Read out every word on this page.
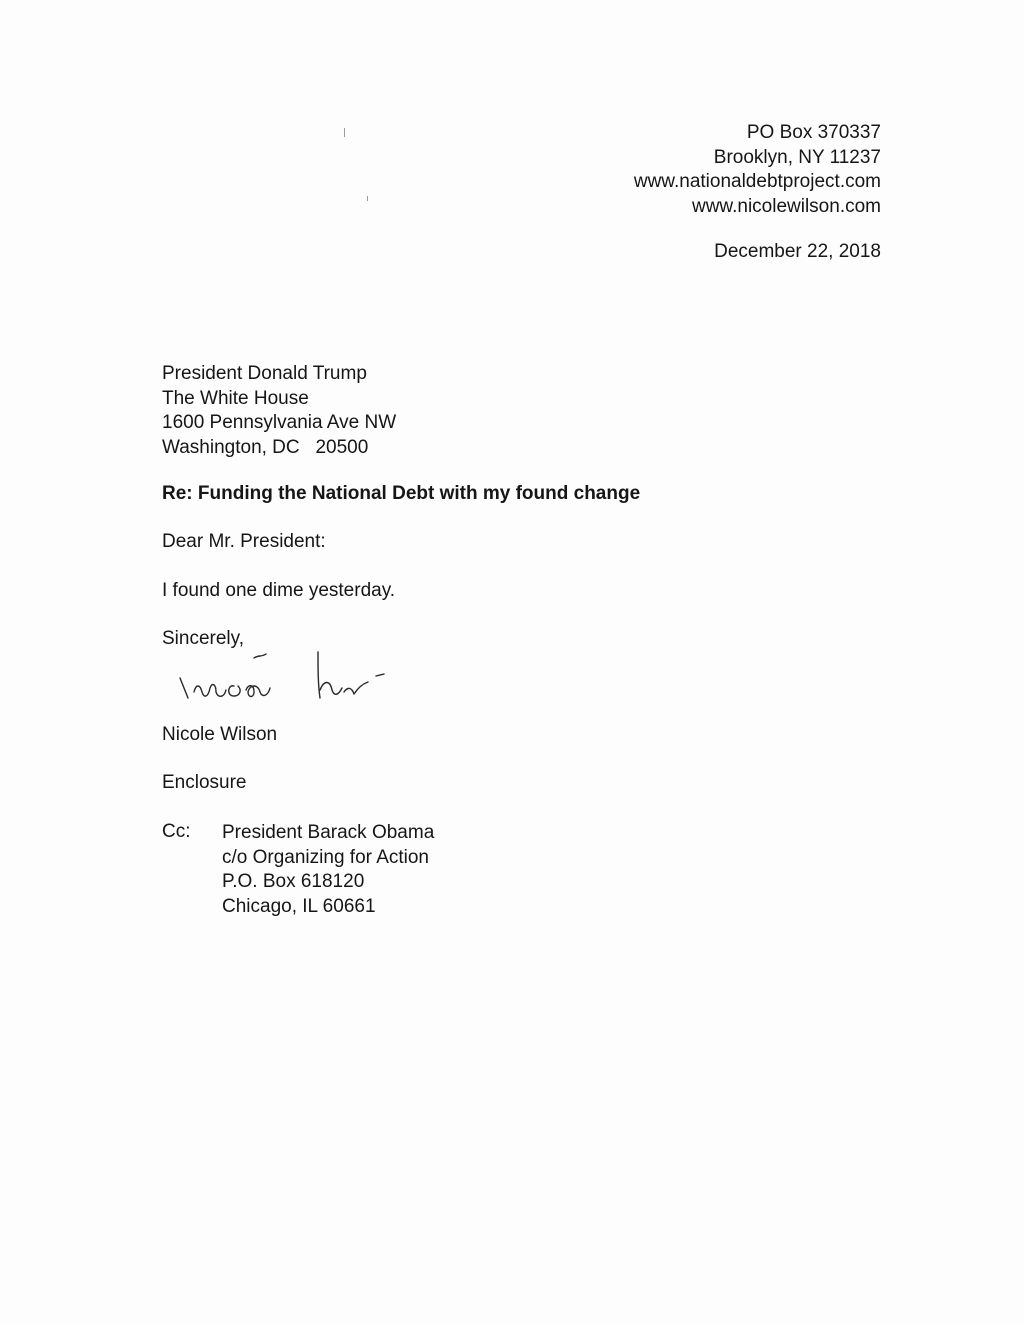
PO Box 370337
Brooklyn, NY 11237
www.nationaldebtproject.com
www.nicolewilson.com
December 22, 2018
President Donald Trump
The White House
1600 Pennsylvania Ave NW
Washington, DC   20500
Re: Funding the National Debt with my found change
Dear Mr. President:
I found one dime yesterday.
Sincerely,
Nicole Wilson
Enclosure
Cc: President Barack Obama
c/o Organizing for Action
P.O. Box 618120
Chicago, IL 60661
